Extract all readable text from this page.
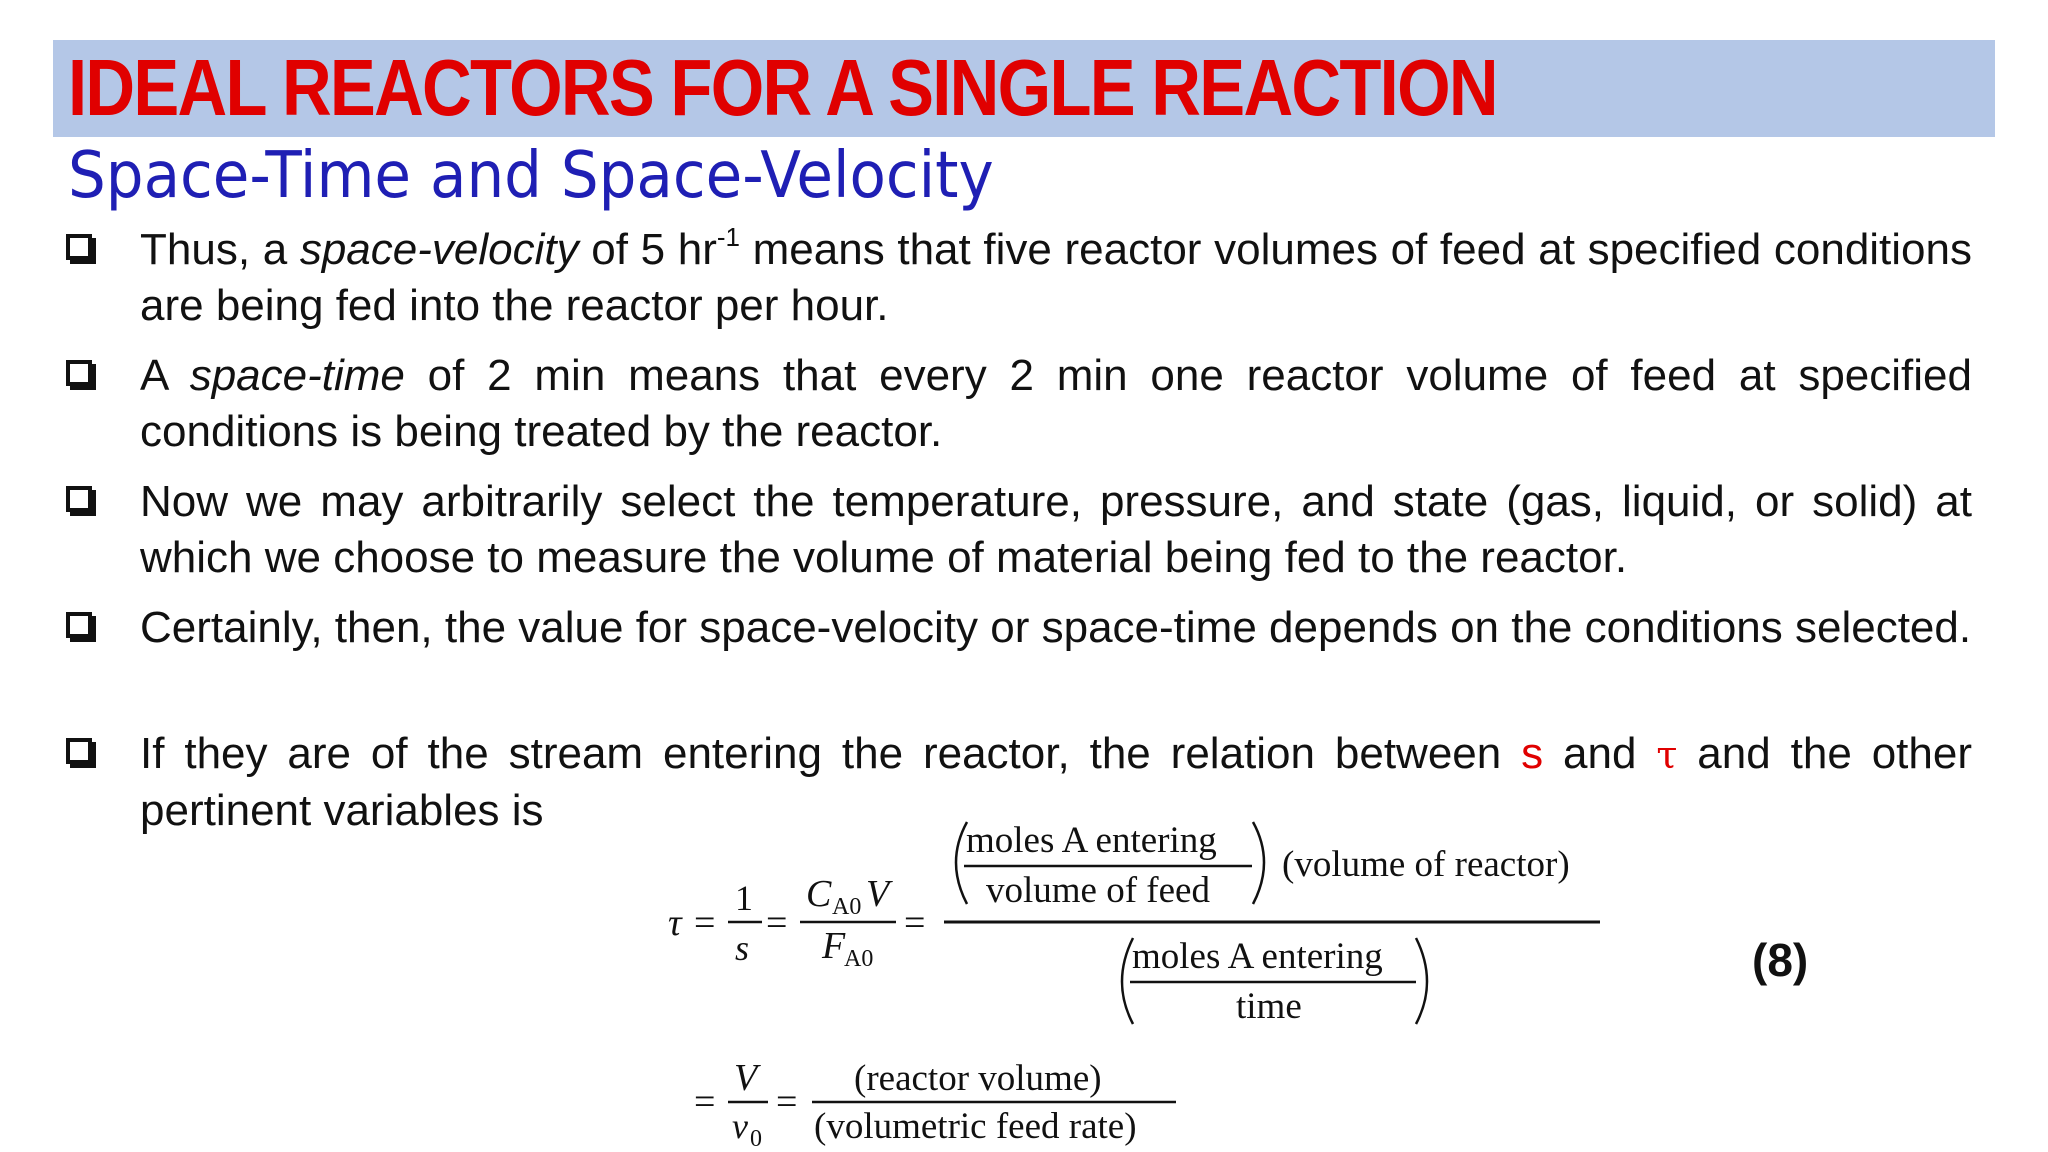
IDEAL REACTORS FOR A SINGLE REACTION
Space-Time and Space-Velocity
Thus, a space-velocity of 5 $hr^{-1}$ means that five reactor volumes of feed at specified conditions are being fed into the reactor per hour.
A space-time of 2 min means that every 2 min one reactor volume of feed at specified conditions is being treated by the reactor.
Now we may arbitrarily select the temperature, pressure, and state (gas, liquid, or solid) at which we choose to measure the volume of material being fed to the reactor.
Certainly, then, the value for space-velocity or space-time depends on the conditions selected.
If they are of the stream entering the reactor, the relation between s and τ and the other pertinent variables is
τ =
1
s
=
C A0 V
F
A0
=
moles A entering
volume of feed
(volume of reactor)
moles A entering
time
=
V
v 0
=
(reactor volume)
(volumetric feed rate)
(8)
